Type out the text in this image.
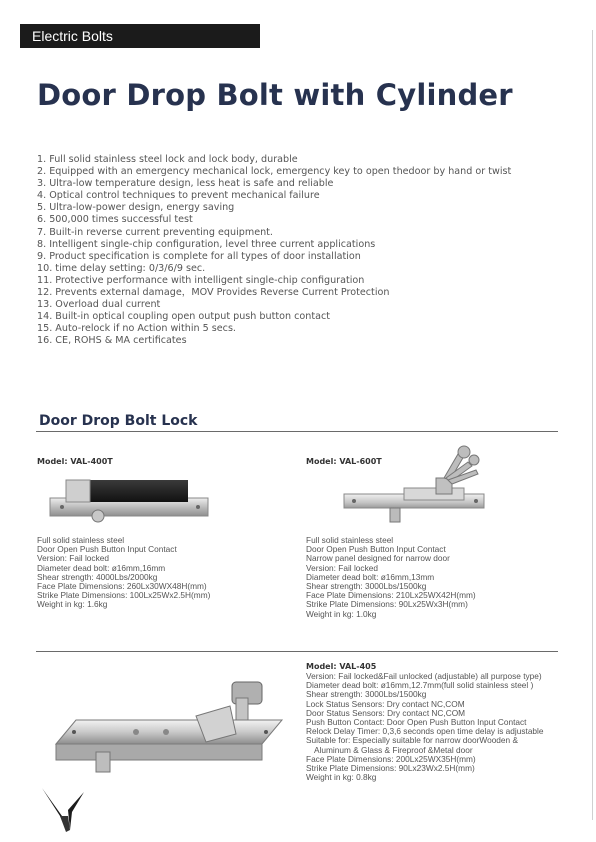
Electric Bolts
Door Drop Bolt with Cylinder
1. Full solid stainless steel lock and lock body, durable
2. Equipped with an emergency mechanical lock, emergency key to open thedoor by hand or twist
3. Ultra-low temperature design, less heat is safe and reliable
4. Optical control techniques to prevent mechanical failure
5. Ultra-low-power design, energy saving
6. 500,000 times successful test
7. Built-in reverse current preventing equipment.
8. Intelligent single-chip configuration, level three current applications
9. Product specification is complete for all types of door installation
10. time delay setting: 0/3/6/9 sec.
11. Protective performance with intelligent single-chip configuration
12. Prevents external damage，MOV Provides Reverse Current Protection
13. Overload dual current
14. Built-in optical coupling open output push button contact
15. Auto-relock if no Action within 5 secs.
16. CE, ROHS & MA certificates
Door Drop Bolt Lock
Model: VAL-400T
Full solid stainless steel
Door Open Push Button Input Contact
Version: Fail locked
Diameter dead bolt: ø16mm,16mm
Shear strength: 4000Lbs/2000kg
Face Plate Dimensions: 260Lx30WX48H(mm)
Strike Plate Dimensions: 100Lx25Wx2.5H(mm)
Weight in kg: 1.6kg
Model: VAL-600T
Full solid stainless steel
Door Open Push Button Input Contact
Narrow panel designed for narrow door
Version: Fail locked
Diameter dead bolt: ø16mm,13mm
Shear strength: 3000Lbs/1500kg
Face Plate Dimensions: 210Lx25WX42H(mm)
Strike Plate Dimensions: 90Lx25Wx3H(mm)
Weight in kg: 1.0kg
Model: VAL-405
Version: Fail locked&Fail unlocked (adjustable) all purpose type)
Diameter dead bolt: ø16mm,12.7mm(full solid stainless steel )
Shear strength: 3000Lbs/1500kg
Lock Status Sensors: Dry contact NC,COM
Door Status Sensors: Dry contact NC,COM
Push Button Contact: Door Open Push Button Input Contact
Relock Delay Timer: 0,3,6 seconds open time delay is adjustable
Suitable for: Especially suitable for narrow doorWooden &
Aluminum & Glass & Fireproof &Metal door
Face Plate Dimensions: 200Lx25WX35H(mm)
Strike Plate Dimensions: 90Lx23Wx2.5H(mm)
Weight in kg: 0.8kg
